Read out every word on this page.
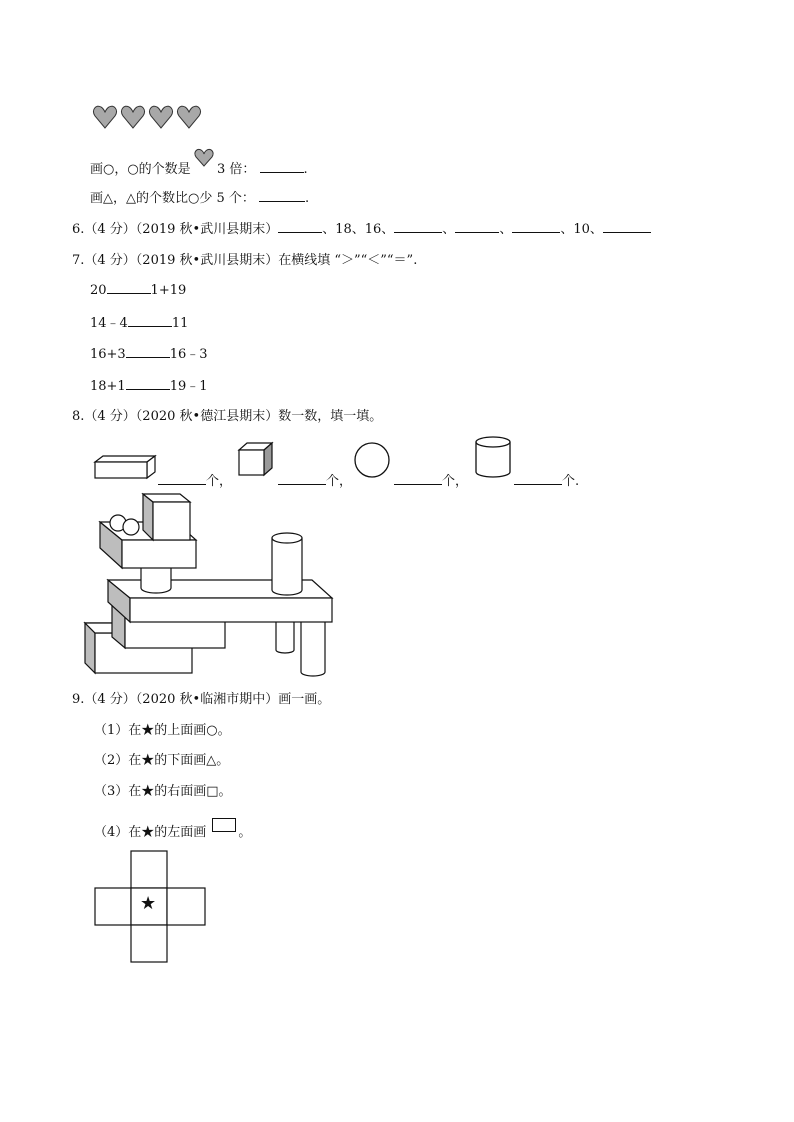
画○，○的个数是 3 倍：	.
画△，△的个数比○少 5 个：	.
6.（4 分）（2019 秋•武川县期末）	、18、16、	、	、	、10、
7.（4 分）（2019 秋•武川县期末）在横线填 “＞”“＜”“＝”.
20	1+19
14﹣4	11
16+3	16﹣3
18+1	19﹣1
8.（4 分）（2020 秋•德江县期末）数一数，填一填。
个，	个，	个，	个.
9.（4 分）（2020 秋•临湘市期中）画一画。
（1）在★的上面画○。
（2）在★的下面画△。
（3）在★的右面画□。
（4）在★的左面画 。
★
